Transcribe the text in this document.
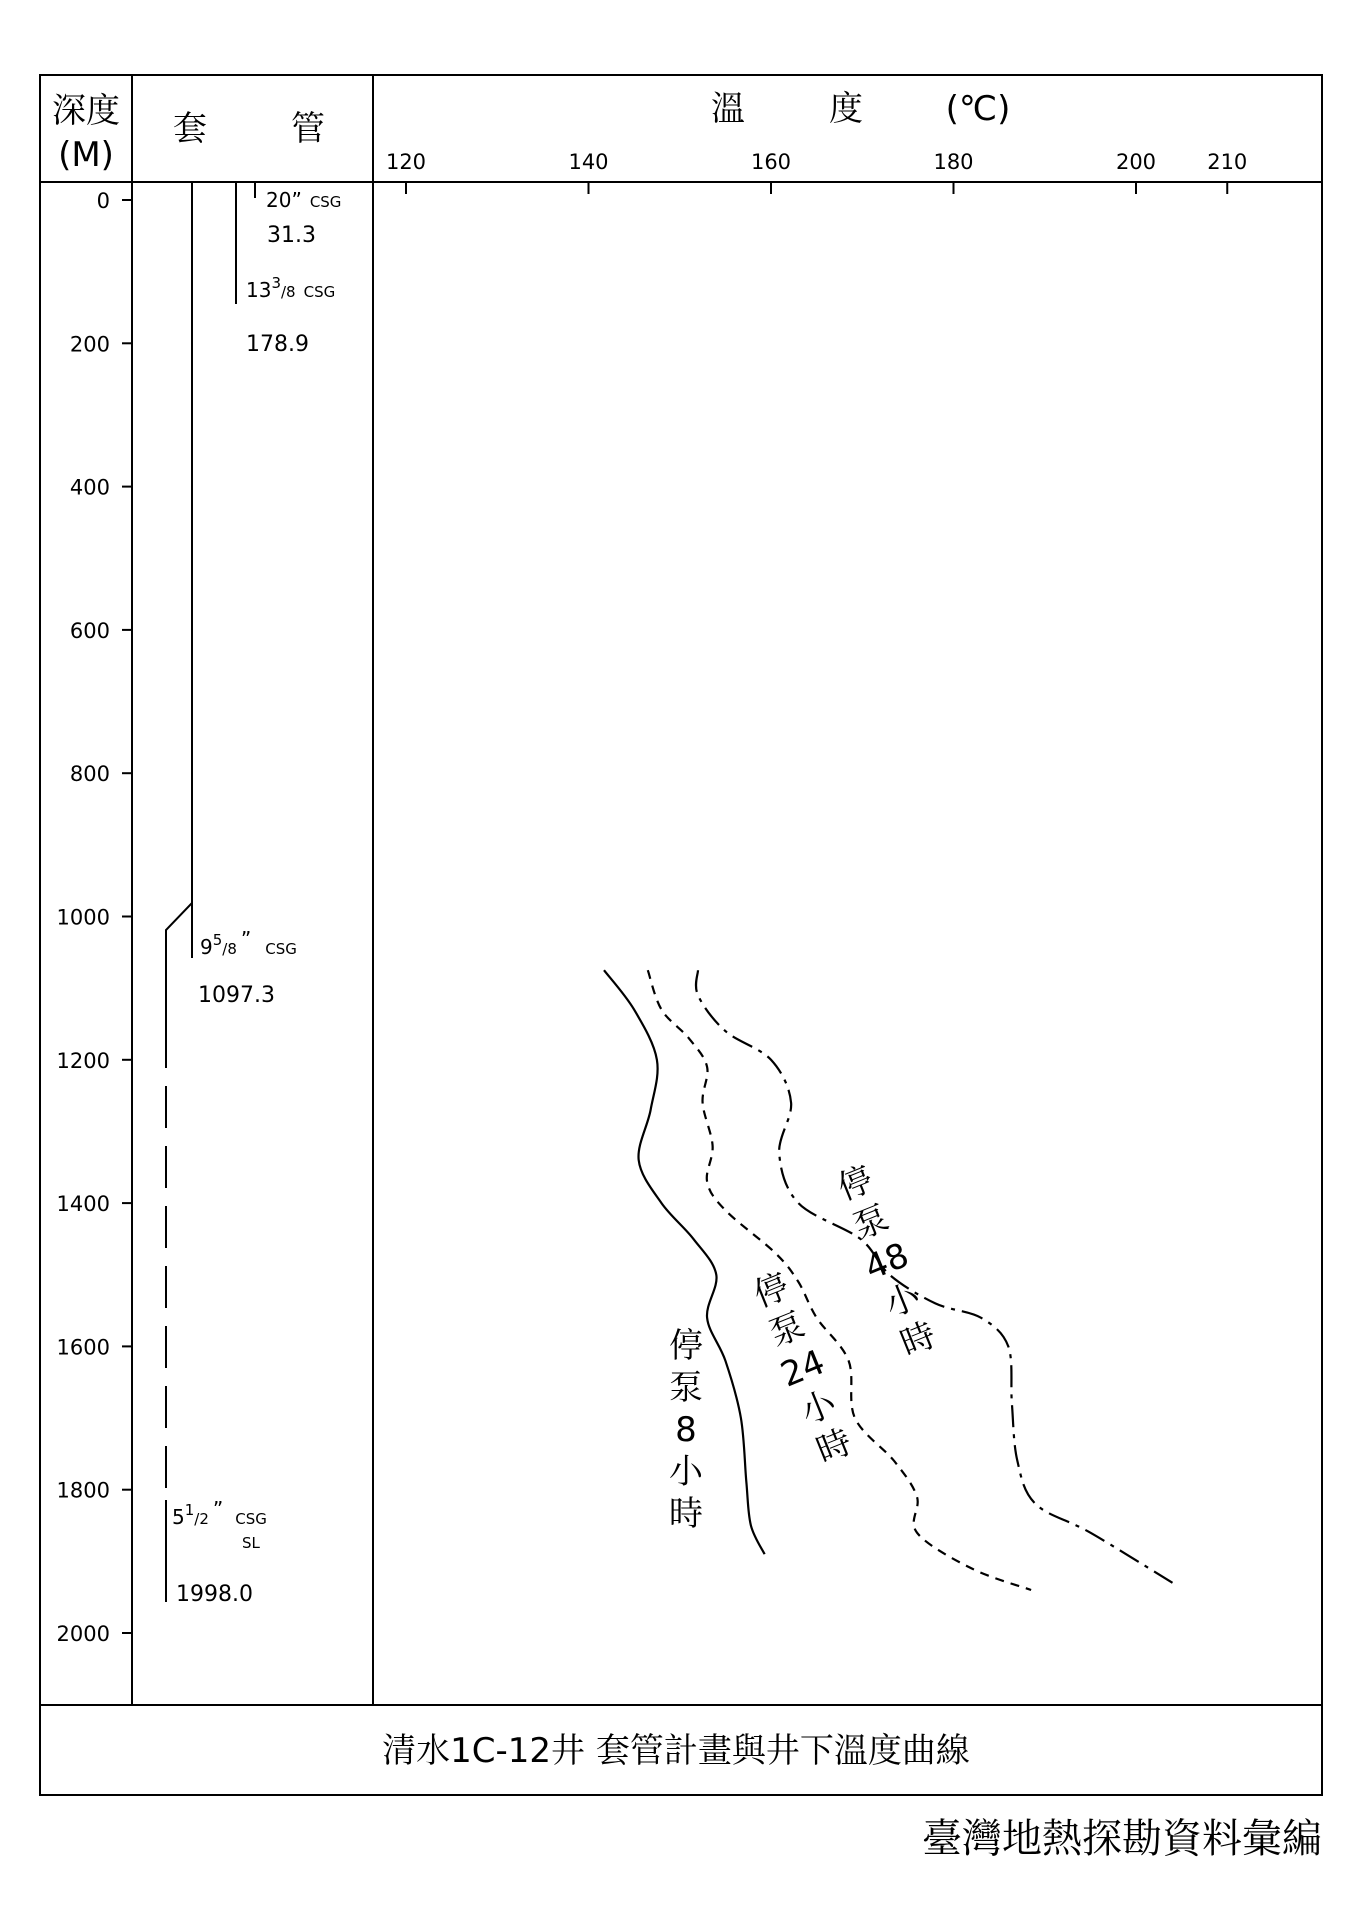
深度
(M)
套 管	溫 度 (℃)
120	140	160	180	200 210
0
200
400
600
800
1000
1200
1400
1600
1800
2000
20” CSG
31.3
$13^3_{/8}$ CSG
178.9
$9^5_{/8}$ ” $_{CSG}$
1097.3
$5^1_{/2}$ ” $_{CSG}$
SL
1998.0
停
泵
8
小
時
停
泵
24
小
時
停
泵
48
小
時
清水1C-12井 套管計畫與井下溫度曲線
臺灣地熱探勘資料彙編
